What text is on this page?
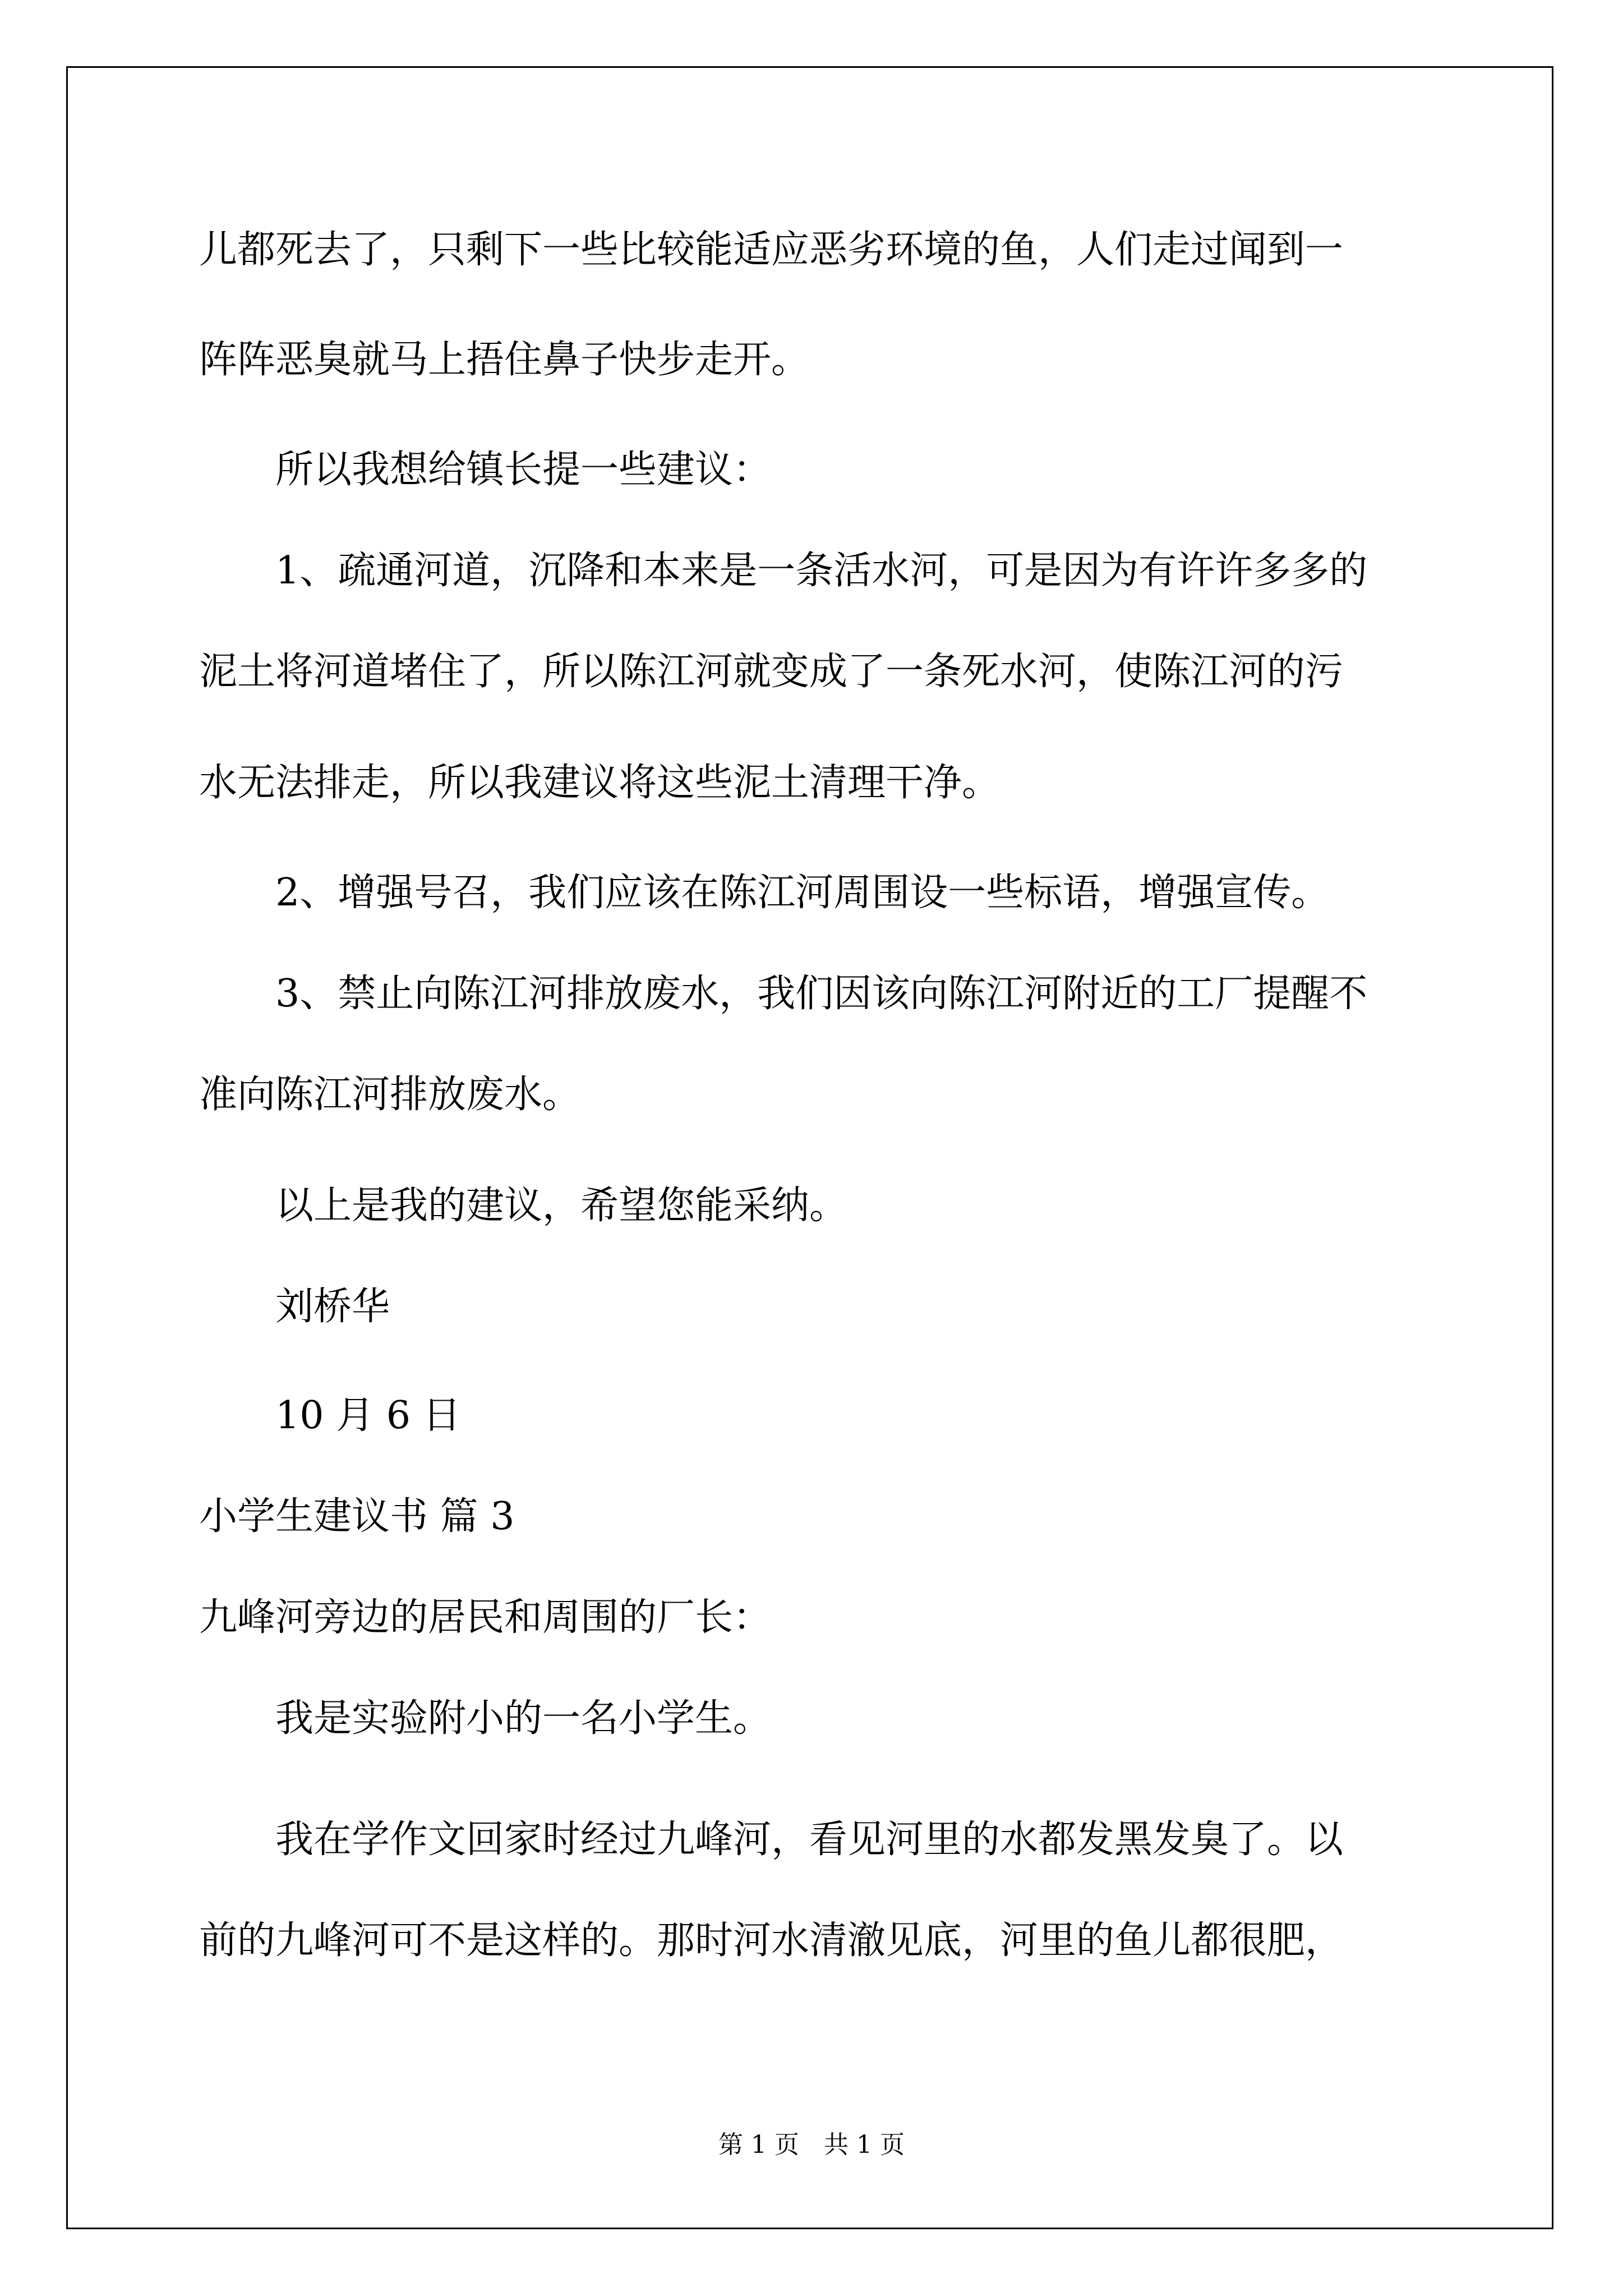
儿都死去了，只剩下一些比较能适应恶劣环境的鱼，人们走过闻到一
阵阵恶臭就马上捂住鼻子快步走开。
　　所以我想给镇长提一些建议：
　　1、疏通河道，沉降和本来是一条活水河，可是因为有许许多多的
泥土将河道堵住了，所以陈江河就变成了一条死水河，使陈江河的污
水无法排走，所以我建议将这些泥土清理干净。
　　2、增强号召，我们应该在陈江河周围设一些标语，增强宣传。
　　3、禁止向陈江河排放废水，我们因该向陈江河附近的工厂提醒不
准向陈江河排放废水。
　　以上是我的建议，希望您能采纳。
　　刘桥华
　　10 月 6 日
小学生建议书 篇 3
九峰河旁边的居民和周围的厂长：
　　我是实验附小的一名小学生。
　　我在学作文回家时经过九峰河，看见河里的水都发黑发臭了。以
前的九峰河可不是这样的。那时河水清澈见底，河里的鱼儿都很肥，
第 1 页　共 1 页
